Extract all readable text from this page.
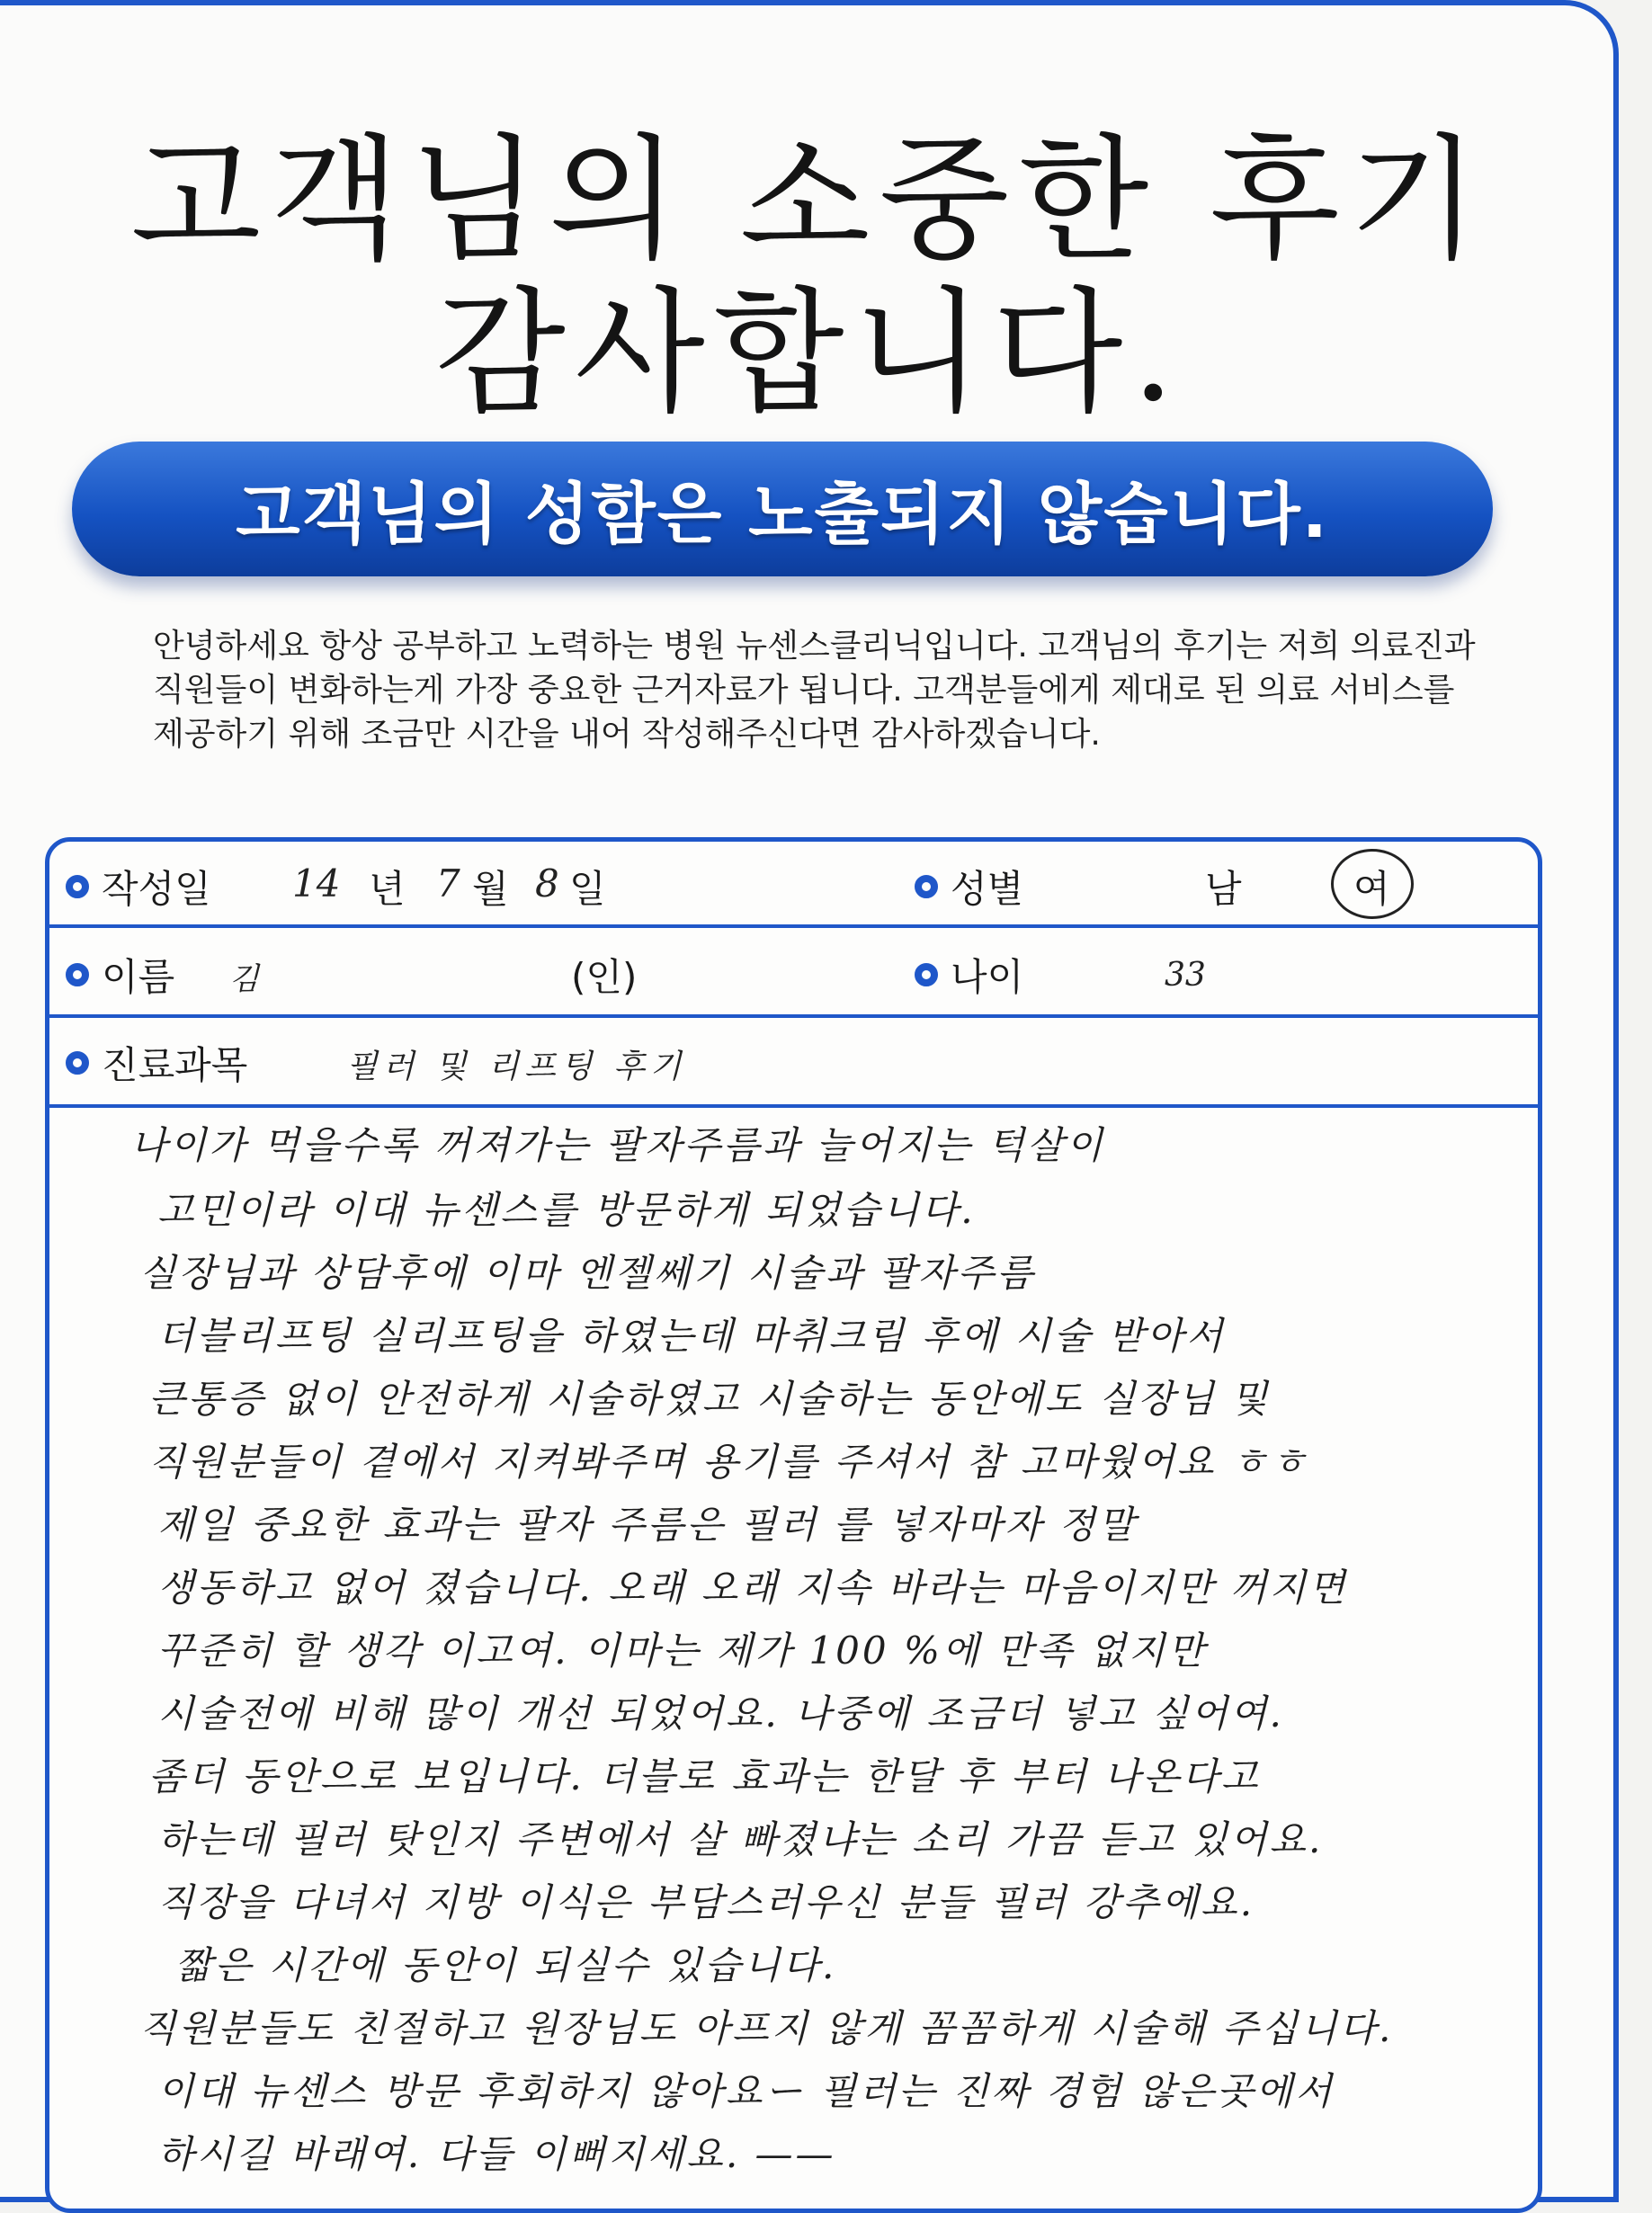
고객님의 소중한 후기
감사합니다.
고객님의 성함은 노출되지 않습니다.
안녕하세요 항상 공부하고 노력하는 병원 뉴센스클리닉입니다. 고객님의 후기는 저희 의료진과
직원들이 변화하는게 가장 중요한 근거자료가 됩니다. 고객분들에게 제대로 된 의료 서비스를
제공하기 위해 조금만 시간을 내어 작성해주신다면 감사하겠습니다.
작성일 14 년 7 월 8 일	성별	남	여
이름 김	(인)	나이	33
진료과목	필러 및 리프팅 후기
나이가 먹을수록 꺼져가는 팔자주름과 늘어지는 턱살이
고민이라 이대 뉴센스를 방문하게 되었습니다.
실장님과 상담후에 이마 엔젤쎄기 시술과 팔자주름
더블리프팅 실리프팅을 하였는데 마취크림 후에 시술 받아서
큰통증 없이 안전하게 시술하였고 시술하는 동안에도 실장님 및
직원분들이 곁에서 지켜봐주며 용기를 주셔서 참 고마웠어요 ㅎㅎ
제일 중요한 효과는 팔자 주름은 필러 를 넣자마자 정말
생동하고 없어 졌습니다. 오래 오래 지속 바라는 마음이지만 꺼지면
꾸준히 할 생각 이고여. 이마는 제가 100 %에 만족 없지만
시술전에 비해 많이 개선 되었어요. 나중에 조금더 넣고 싶어여.
좀더 동안으로 보입니다. 더블로 효과는 한달 후 부터 나온다고
하는데 필러 탓인지 주변에서 살 빠졌냐는 소리 가끔 듣고 있어요.
직장을 다녀서 지방 이식은 부담스러우신 분들 필러 강추에요.
짧은 시간에 동안이 되실수 있습니다.
직원분들도 친절하고 원장님도 아프지 않게 꼼꼼하게 시술해 주십니다.
이대 뉴센스 방문 후회하지 않아요ー 필러는 진짜 경험 않은곳에서
하시길 바래여. 다들 이뻐지세요. ——
